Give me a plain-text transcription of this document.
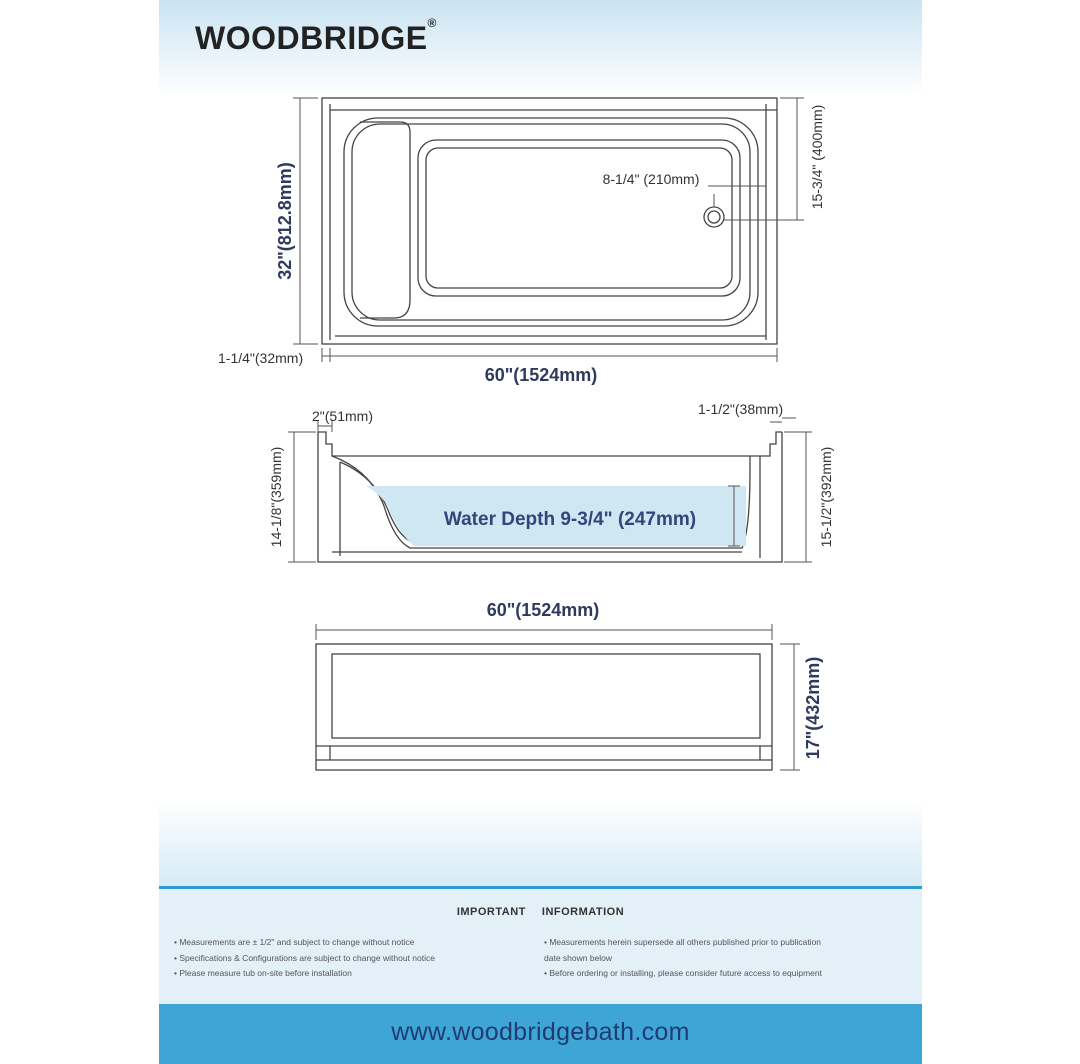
WOODBRIDGE®
32"(812.8mm)
15-3/4" (400mm)
8-1/4" (210mm)
1-1/4"(32mm)
60"(1524mm)
2"(51mm)	1-1/2"(38mm)
14-1/8"(359mm)	15-1/2"(392mm)
Water Depth 9-3/4" (247mm)
60"(1524mm)
17"(432mm)
IMPORTANT INFORMATION
• Measurements are ± 1/2" and subject to change without notice
• Specifications & Configurations are subject to change without notice
• Please measure tub on-site before installation
• Measurements herein supersede all others published prior to publication
date shown below
• Before ordering or installing, please consider future access to equipment
www.woodbridgebath.com
